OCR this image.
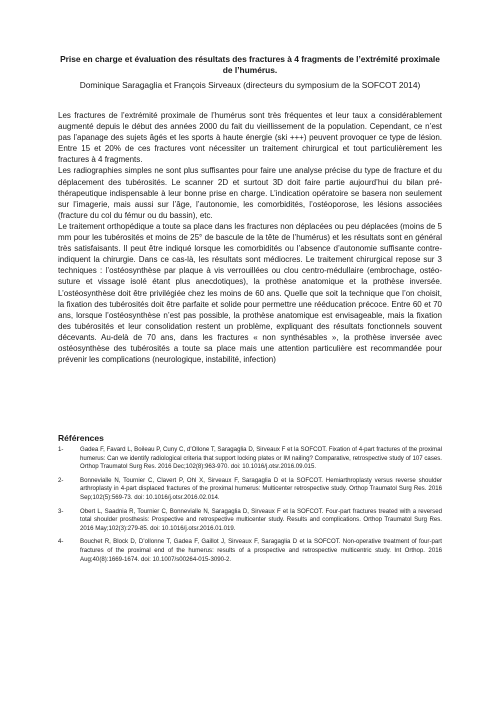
Prise en charge et évaluation des résultats des fractures à 4 fragments de l’extrémité proximale de l’humérus.
Dominique Saragaglia et François Sirveaux (directeurs du symposium de la SOFCOT 2014)

Les fractures de l’extrémité proximale de l’humérus sont très fréquentes et leur taux a considérablement augmenté depuis le début des années 2000 du fait du vieillissement de la population. Cependant, ce n’est pas l’apanage des sujets âgés et les sports à haute énergie (ski +++) peuvent provoquer ce type de lésion. Entre 15 et 20% de ces fractures vont nécessiter un traitement chirurgical et tout particulièrement les fractures à 4 fragments.

Les radiographies simples ne sont plus suffisantes pour faire une analyse précise du type de fracture et du déplacement des tubérosités. Le scanner 2D et surtout 3D doit faire partie aujourd’hui du bilan pré-thérapeutique indispensable à leur bonne prise en charge. L’indication opératoire se basera non seulement sur l’imagerie, mais aussi sur l’âge, l’autonomie, les comorbidités, l’ostéoporose, les lésions associées (fracture du col du fémur ou du bassin), etc.

Le traitement orthopédique a toute sa place dans les fractures non déplacées ou peu déplacées (moins de 5 mm pour les tubérosités et moins de 25° de bascule de la tête de l’humérus) et les résultats sont en général très satisfaisants. Il peut être indiqué lorsque les comorbidités ou l’absence d’autonomie suffisante contre-indiquent la chirurgie. Dans ce cas-là, les résultats sont médiocres. Le traitement chirurgical repose sur 3 techniques : l’ostéosynthèse par plaque à vis verrouillées ou clou centro-médullaire (embrochage, ostéo-suture et vissage isolé étant plus anecdotiques), la prothèse anatomique et la prothèse inversée. L’ostéosynthèse doit être privilégiée chez les moins de 60 ans. Quelle que soit la technique que l’on choisit, la fixation des tubérosités doit être parfaite et solide pour permettre une rééducation précoce. Entre 60 et 70 ans, lorsque l’ostéosynthèse n’est pas possible, la prothèse anatomique est envisageable, mais la fixation des tubérosités et leur consolidation restent un problème, expliquant des résultats fonctionnels souvent décevants. Au-delà de 70 ans, dans les fractures « non synthésables », la prothèse inversée avec ostéosynthèse des tubérosités a toute sa place mais une attention particulière est recommandée pour prévenir les complications (neurologique, instabilité, infection)

Références
1-	Gadea F, Favard L, Boileau P, Cuny C, d’Ollone T, Saragaglia D, Sirveaux F et la SOFCOT. Fixation of 4-part fractures of the proximal humerus: Can we identify radiological criteria that support locking plates or IM nailing? Comparative, retrospective study of 107 cases. Orthop Traumatol Surg Res. 2016 Dec;102(8):963-970. doi: 10.1016/j.otsr.2016.09.015.
2-	Bonnevialle N, Tournier C, Clavert P, Ohl X, Sirveaux F, Saragaglia D et la SOFCOT. Hemiarthroplasty versus reverse shoulder arthroplasty in 4-part displaced fractures of the proximal humerus: Multicenter retrospective study. Orthop Traumatol Surg Res. 2016 Sep;102(5):569-73. doi: 10.1016/j.otsr.2016.02.014.
3-	Obert L, Saadnia R, Tournier C, Bonnevialle N, Saragaglia D, Sirveaux F et la SOFCOT. Four-part fractures treated with a reversed total shoulder prosthesis: Prospective and retrospective multicenter study. Results and complications. Orthop Traumatol Surg Res. 2016 May;102(3):279-85. doi: 10.1016/j.otsr.2016.01.019.
4-	Bouchet R, Block D, D’ollonne T, Gadea F, Gaillot J, Sirveaux F, Saragaglia D et la SOFCOT. Non-operative treatment of four-part fractures of the proximal end of the humerus: results of a prospective and retrospective multicentric study. Int Orthop. 2016 Aug;40(8):1669-1674. doi: 10.1007/s00264-015-3090-2.
